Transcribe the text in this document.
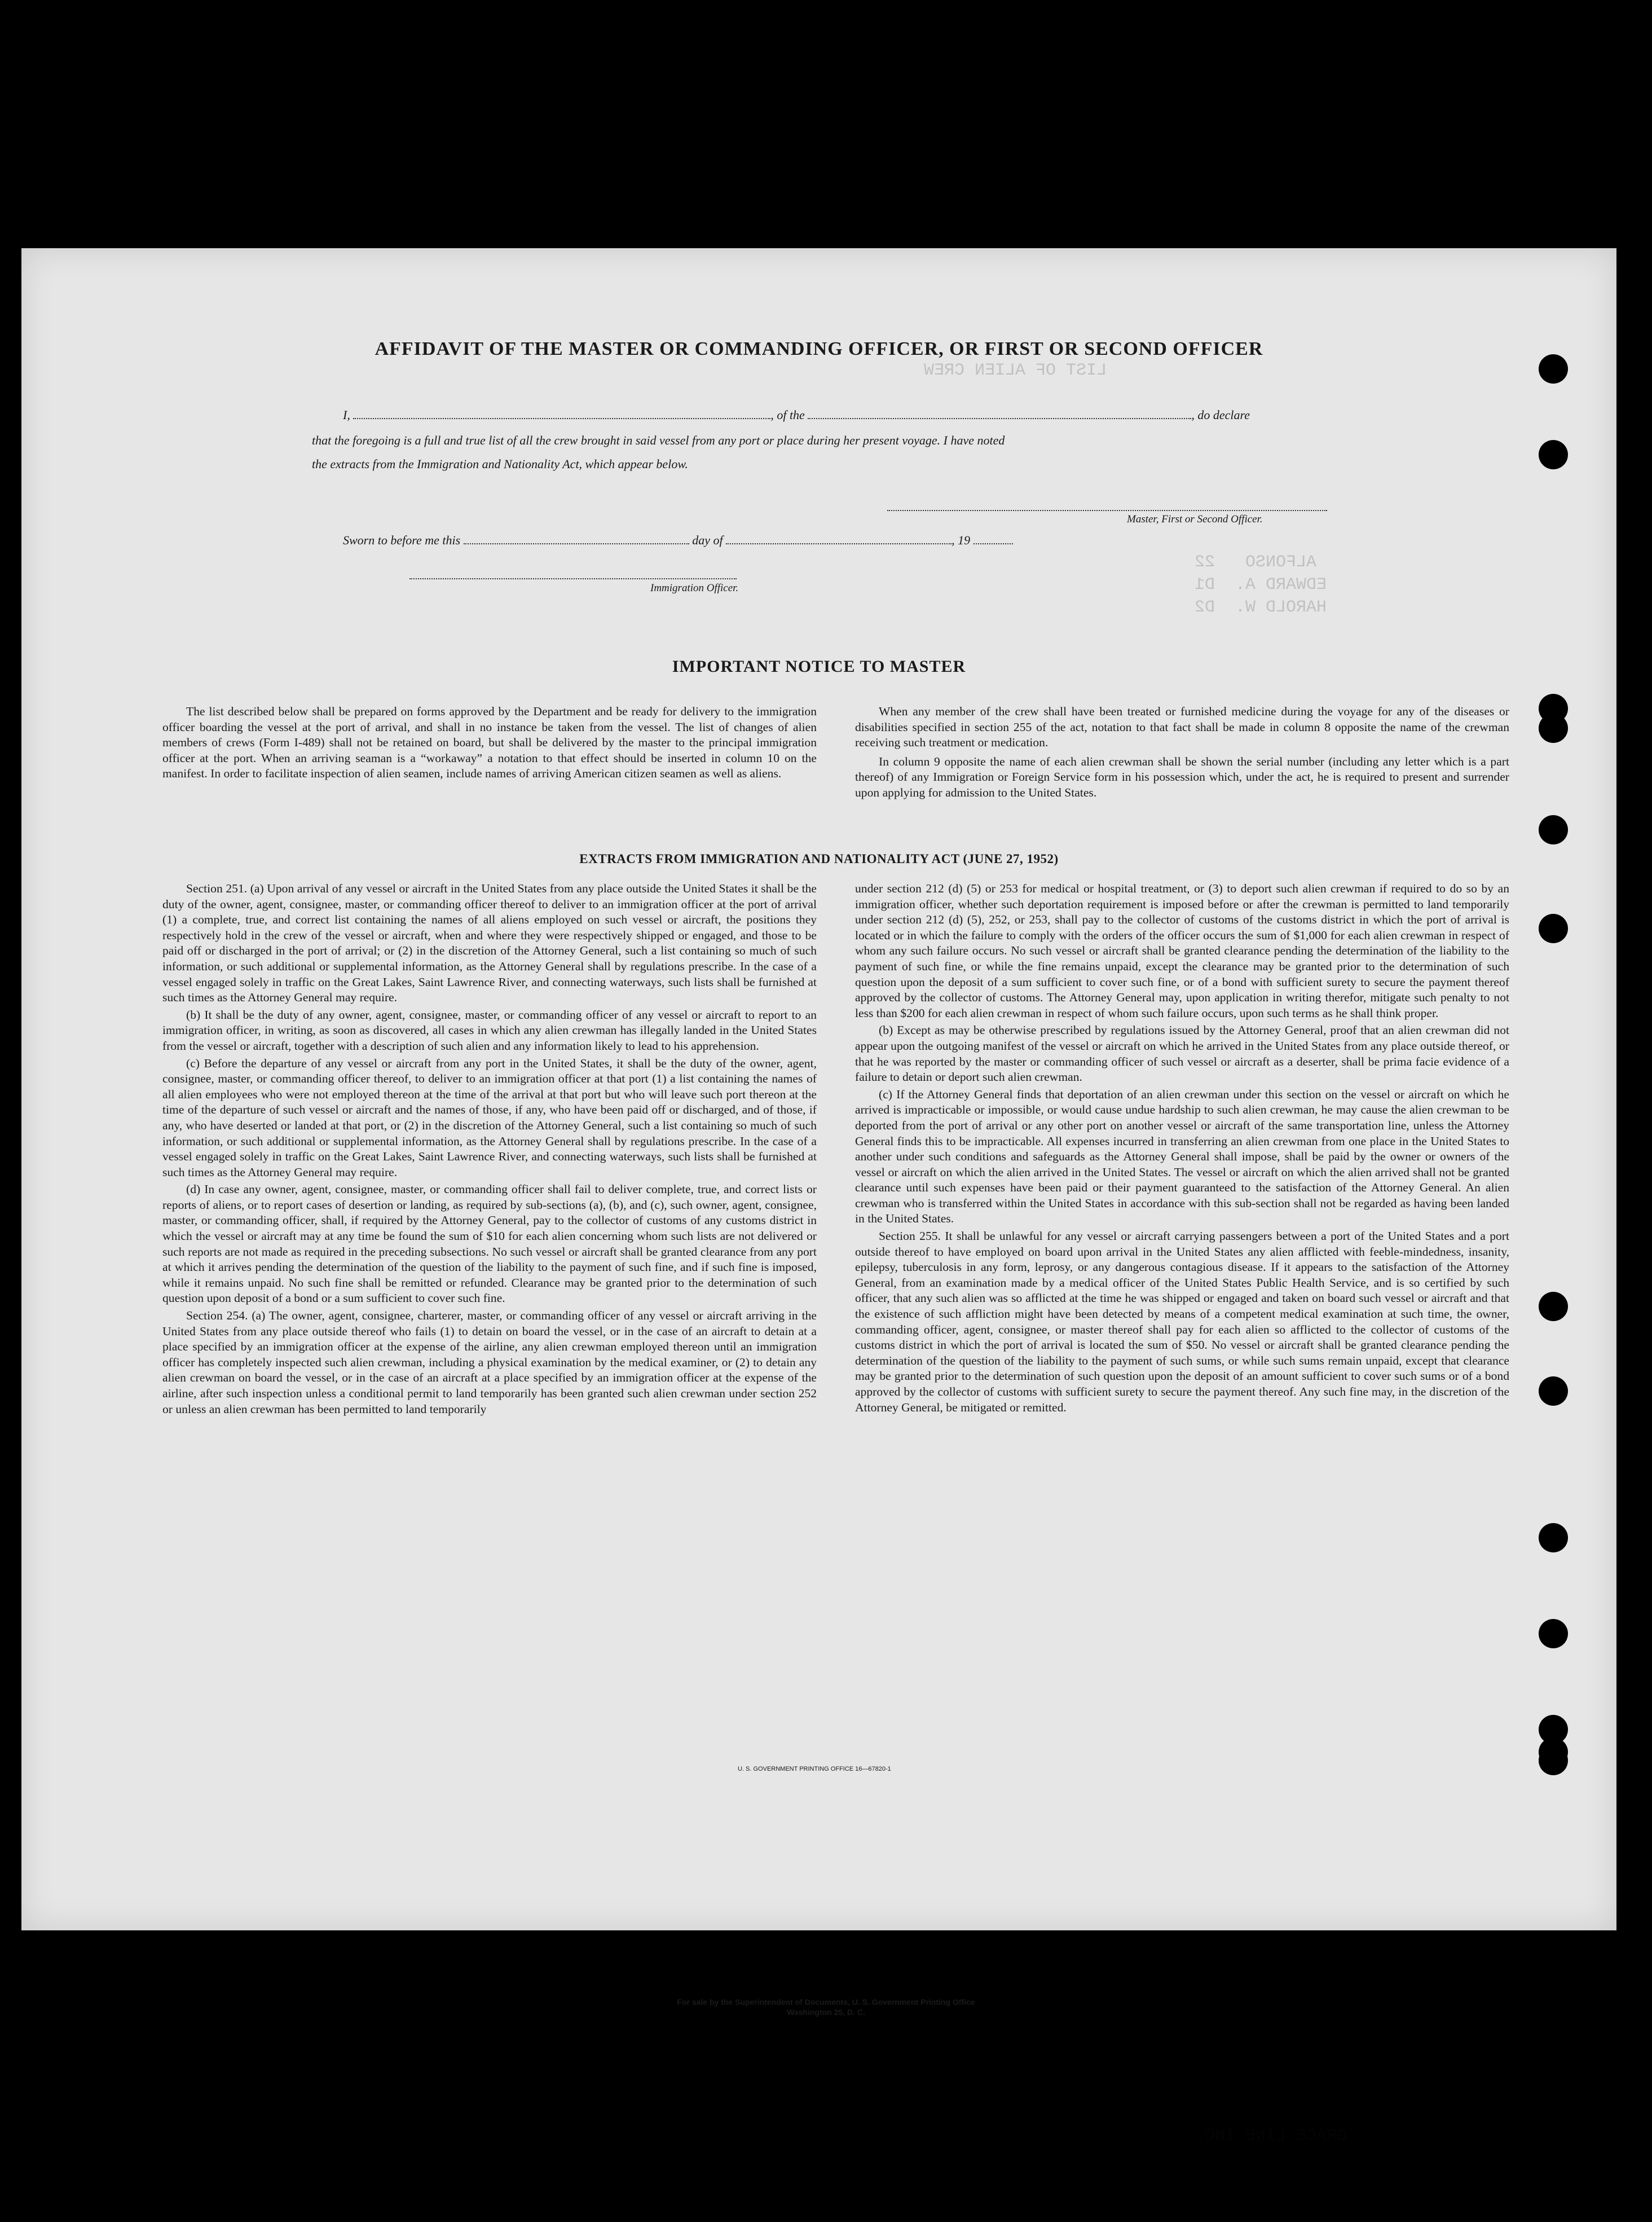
LIST OF ALIEN CREW
ALFONSO   22
EDWARD A.  D1
HAROLD W.  D2
GRACE LINE INC.
AFFIDAVIT OF THE MASTER OR COMMANDING OFFICER, OR FIRST OR SECOND OFFICER
I,	, of the	, do declare
that the foregoing is a full and true list of all the crew brought in said vessel from any port or place during her present voyage. I have noted
the extracts from the Immigration and Nationality Act, which appear below.
Master, First or Second Officer.
Sworn to before me this	day of	, 19
Immigration Officer.
IMPORTANT NOTICE TO MASTER

The list described below shall be prepared on forms approved by the Department and be ready for delivery to the immigration officer boarding the vessel at the port of arrival, and shall in no instance be taken from the vessel. The list of changes of alien members of crews (Form I-489) shall not be retained on board, but shall be delivered by the master to the principal immigration officer at the port. When an arriving seaman is a “workaway” a notation to that effect should be inserted in column 10 on the manifest. In order to facilitate inspection of alien seamen, include names of arriving American citizen seamen as well as aliens.

When any member of the crew shall have been treated or furnished medicine during the voyage for any of the diseases or disabilities specified in section 255 of the act, notation to that fact shall be made in column 8 opposite the name of the crewman receiving such treatment or medication.

In column 9 opposite the name of each alien crewman shall be shown the serial number (including any letter which is a part thereof) of any Immigration or Foreign Service form in his possession which, under the act, he is required to present and surrender upon applying for admission to the United States.

EXTRACTS FROM IMMIGRATION AND NATIONALITY ACT (JUNE 27, 1952)

Section 251. (a) Upon arrival of any vessel or aircraft in the United States from any place outside the United States it shall be the duty of the owner, agent, consignee, master, or commanding officer thereof to deliver to an immigration officer at the port of arrival (1) a complete, true, and correct list containing the names of all aliens employed on such vessel or aircraft, the positions they respectively hold in the crew of the vessel or aircraft, when and where they were respectively shipped or engaged, and those to be paid off or discharged in the port of arrival; or (2) in the discretion of the Attorney General, such a list containing so much of such information, or such additional or supplemental information, as the Attorney General shall by regulations prescribe. In the case of a vessel engaged solely in traffic on the Great Lakes, Saint Lawrence River, and connecting waterways, such lists shall be furnished at such times as the Attorney General may require.

(b) It shall be the duty of any owner, agent, consignee, master, or commanding officer of any vessel or aircraft to report to an immigration officer, in writing, as soon as discovered, all cases in which any alien crewman has illegally landed in the United States from the vessel or aircraft, together with a description of such alien and any information likely to lead to his apprehension.

(c) Before the departure of any vessel or aircraft from any port in the United States, it shall be the duty of the owner, agent, consignee, master, or commanding officer thereof, to deliver to an immigration officer at that port (1) a list containing the names of all alien employees who were not employed thereon at the time of the arrival at that port but who will leave such port thereon at the time of the departure of such vessel or aircraft and the names of those, if any, who have been paid off or discharged, and of those, if any, who have deserted or landed at that port, or (2) in the discretion of the Attorney General, such a list containing so much of such information, or such additional or supplemental information, as the Attorney General shall by regulations prescribe. In the case of a vessel engaged solely in traffic on the Great Lakes, Saint Lawrence River, and connecting waterways, such lists shall be furnished at such times as the Attorney General may require.

(d) In case any owner, agent, consignee, master, or commanding officer shall fail to deliver complete, true, and correct lists or reports of aliens, or to report cases of desertion or landing, as required by sub-sections (a), (b), and (c), such owner, agent, consignee, master, or commanding officer, shall, if required by the Attorney General, pay to the collector of customs of any customs district in which the vessel or aircraft may at any time be found the sum of $10 for each alien concerning whom such lists are not delivered or such reports are not made as required in the preceding subsections. No such vessel or aircraft shall be granted clearance from any port at which it arrives pending the determination of the question of the liability to the payment of such fine, and if such fine is imposed, while it remains unpaid. No such fine shall be remitted or refunded. Clearance may be granted prior to the determination of such question upon deposit of a bond or a sum sufficient to cover such fine.

Section 254. (a) The owner, agent, consignee, charterer, master, or commanding officer of any vessel or aircraft arriving in the United States from any place outside thereof who fails (1) to detain on board the vessel, or in the case of an aircraft to detain at a place specified by an immigration officer at the expense of the airline, any alien crewman employed thereon until an immigration officer has completely inspected such alien crewman, including a physical examination by the medical examiner, or (2) to detain any alien crewman on board the vessel, or in the case of an aircraft at a place specified by an immigration officer at the expense of the airline, after such inspection unless a conditional permit to land temporarily has been granted such alien crewman under section 252 or unless an alien crewman has been permitted to land temporarily

under section 212 (d) (5) or 253 for medical or hospital treatment, or (3) to deport such alien crewman if required to do so by an immigration officer, whether such deportation requirement is imposed before or after the crewman is permitted to land temporarily under section 212 (d) (5), 252, or 253, shall pay to the collector of customs of the customs district in which the port of arrival is located or in which the failure to comply with the orders of the officer occurs the sum of $1,000 for each alien crewman in respect of whom any such failure occurs. No such vessel or aircraft shall be granted clearance pending the determination of the liability to the payment of such fine, or while the fine remains unpaid, except the clearance may be granted prior to the determination of such question upon the deposit of a sum sufficient to cover such fine, or of a bond with sufficient surety to secure the payment thereof approved by the collector of customs. The Attorney General may, upon application in writing therefor, mitigate such penalty to not less than $200 for each alien crewman in respect of whom such failure occurs, upon such terms as he shall think proper.

(b) Except as may be otherwise prescribed by regulations issued by the Attorney General, proof that an alien crewman did not appear upon the outgoing manifest of the vessel or aircraft on which he arrived in the United States from any place outside thereof, or that he was reported by the master or commanding officer of such vessel or aircraft as a deserter, shall be prima facie evidence of a failure to detain or deport such alien crewman.

(c) If the Attorney General finds that deportation of an alien crewman under this section on the vessel or aircraft on which he arrived is impracticable or impossible, or would cause undue hardship to such alien crewman, he may cause the alien crewman to be deported from the port of arrival or any other port on another vessel or aircraft of the same transportation line, unless the Attorney General finds this to be impracticable. All expenses incurred in transferring an alien crewman from one place in the United States to another under such conditions and safeguards as the Attorney General shall impose, shall be paid by the owner or owners of the vessel or aircraft on which the alien arrived in the United States. The vessel or aircraft on which the alien arrived shall not be granted clearance until such expenses have been paid or their payment guaranteed to the satisfaction of the Attorney General. An alien crewman who is transferred within the United States in accordance with this sub-section shall not be regarded as having been landed in the United States.

Section 255. It shall be unlawful for any vessel or aircraft carrying passengers between a port of the United States and a port outside thereof to have employed on board upon arrival in the United States any alien afflicted with feeble-mindedness, insanity, epilepsy, tuberculosis in any form, leprosy, or any dangerous contagious disease. If it appears to the satisfaction of the Attorney General, from an examination made by a medical officer of the United States Public Health Service, and is so certified by such officer, that any such alien was so afflicted at the time he was shipped or engaged and taken on board such vessel or aircraft and that the existence of such affliction might have been detected by means of a competent medical examination at such time, the owner, commanding officer, agent, consignee, or master thereof shall pay for each alien so afflicted to the collector of customs of the customs district in which the port of arrival is located the sum of $50. No vessel or aircraft shall be granted clearance pending the determination of the question of the liability to the payment of such sums, or while such sums remain unpaid, except that clearance may be granted prior to the determination of such question upon the deposit of an amount sufficient to cover such sums or of a bond approved by the collector of customs with sufficient surety to secure the payment thereof. Any such fine may, in the discretion of the Attorney General, be mitigated or remitted.

U. S. GOVERNMENT PRINTING OFFICE 16—67820-1
For sale by the Superintendent of Documents, U. S. Government Printing Office
Washington 25, D. C.
